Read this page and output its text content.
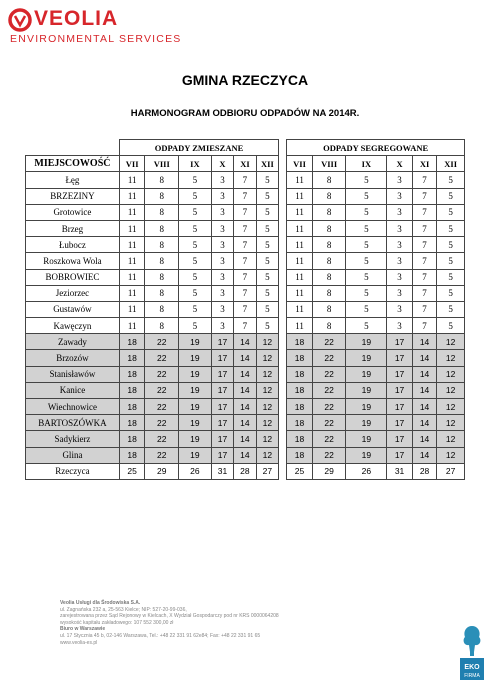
VEOLIA
ENVIRONMENTAL SERVICES
GMINA RZECZYCA
HARMONOGRAM ODBIORU ODPADÓW NA 2014R.
	ODPADY ZMIESZANE							ODPADY SEGREGOWANE					
MIEJSCOWOŚĆ	VII	VIII	IX	X	XI	XII		VII	VIII	IX	X	XI	XII
Łęg	11	8	5	3	7	5		11	8	5	3	7	5
BRZEZINY	11	8	5	3	7	5		11	8	5	3	7	5
Grotowice	11	8	5	3	7	5		11	8	5	3	7	5
Brzeg	11	8	5	3	7	5		11	8	5	3	7	5
Łubocz	11	8	5	3	7	5		11	8	5	3	7	5
Roszkowa Wola	11	8	5	3	7	5		11	8	5	3	7	5
BOBROWIEC	11	8	5	3	7	5		11	8	5	3	7	5
Jeziorzec	11	8	5	3	7	5		11	8	5	3	7	5
Gustawów	11	8	5	3	7	5		11	8	5	3	7	5
Kawęczyn	11	8	5	3	7	5		11	8	5	3	7	5
Zawady	18	22	19	17	14	12		18	22	19	17	14	12
Brzozów	18	22	19	17	14	12		18	22	19	17	14	12
Stanisławów	18	22	19	17	14	12		18	22	19	17	14	12
Kanice	18	22	19	17	14	12		18	22	19	17	14	12
Wiechnowice	18	22	19	17	14	12		18	22	19	17	14	12
BARTOSZÓWKA	18	22	19	17	14	12		18	22	19	17	14	12
Sadykierz	18	22	19	17	14	12		18	22	19	17	14	12
Glina	18	22	19	17	14	12		18	22	19	17	14	12
Rzeczyca	25	29	26	31	28	27		25	29	26	31	28	27
Veolia Usługi dla Środowiska S.A.
ul. Zagnańska 232 a, 25-563 Kielce; NIP: 527-20-99-036,
zarejestrowana przez Sąd Rejonowy w Kielcach, X Wydział Gospodarczy pod nr KRS 0000064208
wysokość kapitału zakładowego: 107 552 300,00 zł
Biuro w Warszawie
ul. 17 Stycznia 45 b, 02-146 Warszawa, Tel.: +48 22 331 91 62e84; Fax: +48 22 331 91 65
www.veolia-es.pl
EKO
FIRMA
